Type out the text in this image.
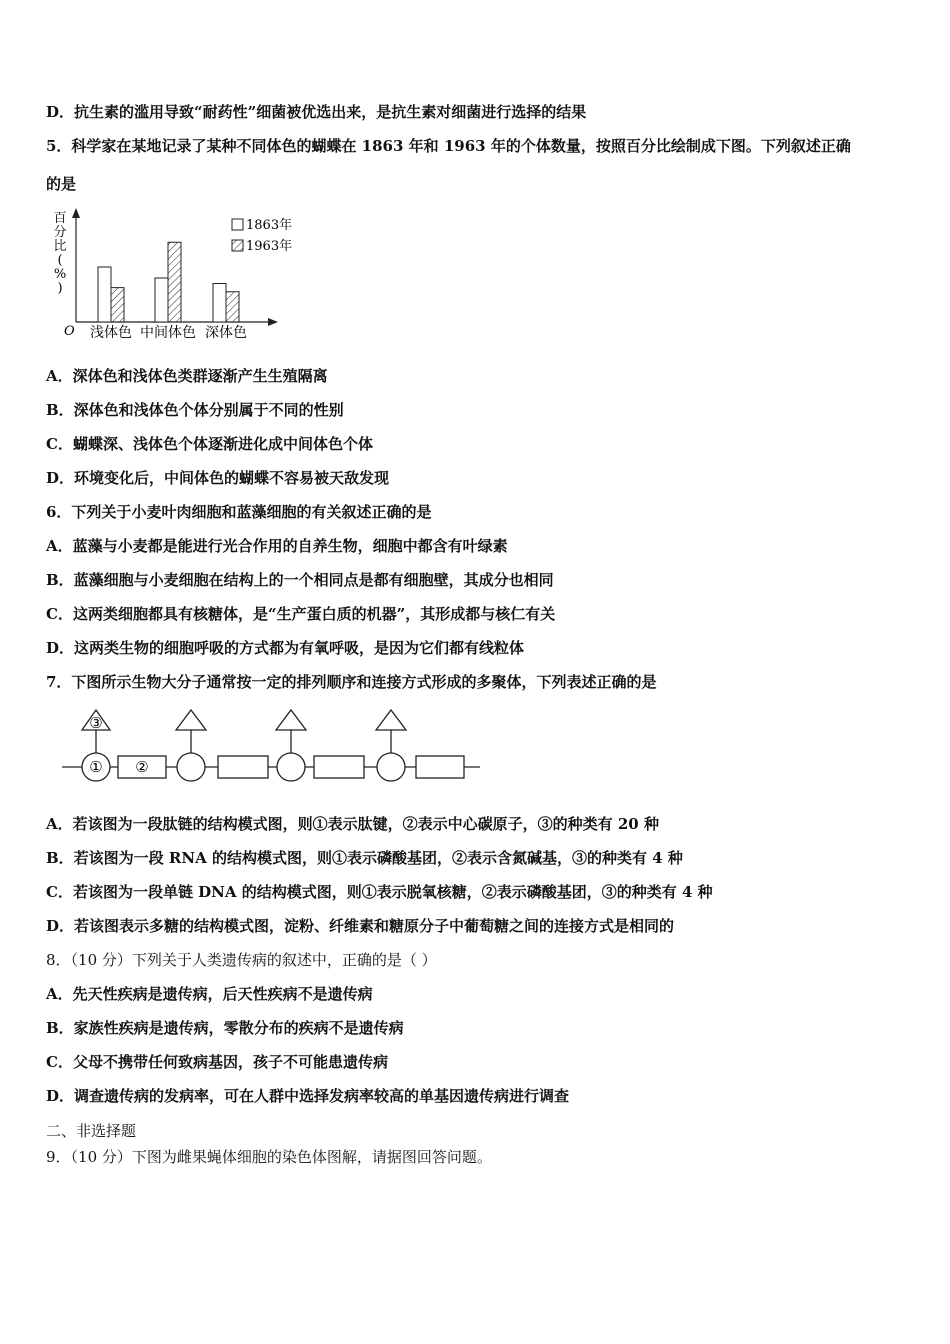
D．抗生素的滥用导致“耐药性”细菌被优选出来，是抗生素对细菌进行选择的结果
5．科学家在某地记录了某种不同体色的蝴蝶在 1863 年和 1963 年的个体数量，按照百分比绘制成下图。下列叙述正确
的是
浅体色 中间体色 深体色
O
百分比( % )
1863年
1963年
A．深体色和浅体色类群逐渐产生生殖隔离
B．深体色和浅体色个体分别属于不同的性别
C．蝴蝶深、浅体色个体逐渐进化成中间体色个体
D．环境变化后，中间体色的蝴蝶不容易被天敌发现
6．下列关于小麦叶肉细胞和蓝藻细胞的有关叙述正确的是
A．蓝藻与小麦都是能进行光合作用的自养生物，细胞中都含有叶绿素
B．蓝藻细胞与小麦细胞在结构上的一个相同点是都有细胞壁，其成分也相同
C．这两类细胞都具有核糖体，是“生产蛋白质的机器”，其形成都与核仁有关
D．这两类生物的细胞呼吸的方式都为有氧呼吸，是因为它们都有线粒体
7．下图所示生物大分子通常按一定的排列顺序和连接方式形成的多聚体，下列表述正确的是
③
① ②
A．若该图为一段肽链的结构模式图，则①表示肽键，②表示中心碳原子，③的种类有 20 种
B．若该图为一段 RNA 的结构模式图，则①表示磷酸基团，②表示含氮碱基，③的种类有 4 种
C．若该图为一段单链 DNA 的结构模式图，则①表示脱氧核糖，②表示磷酸基团，③的种类有 4 种
D．若该图表示多糖的结构模式图，淀粉、纤维素和糖原分子中葡萄糖之间的连接方式是相同的
8．（10 分）下列关于人类遗传病的叙述中，正确的是（ ）
A．先天性疾病是遗传病，后天性疾病不是遗传病
B．家族性疾病是遗传病，零散分布的疾病不是遗传病
C．父母不携带任何致病基因，孩子不可能患遗传病
D．调查遗传病的发病率，可在人群中选择发病率较高的单基因遗传病进行调查
二、非选择题
9．（10 分）下图为雌果蝇体细胞的染色体图解，请据图回答问题。
